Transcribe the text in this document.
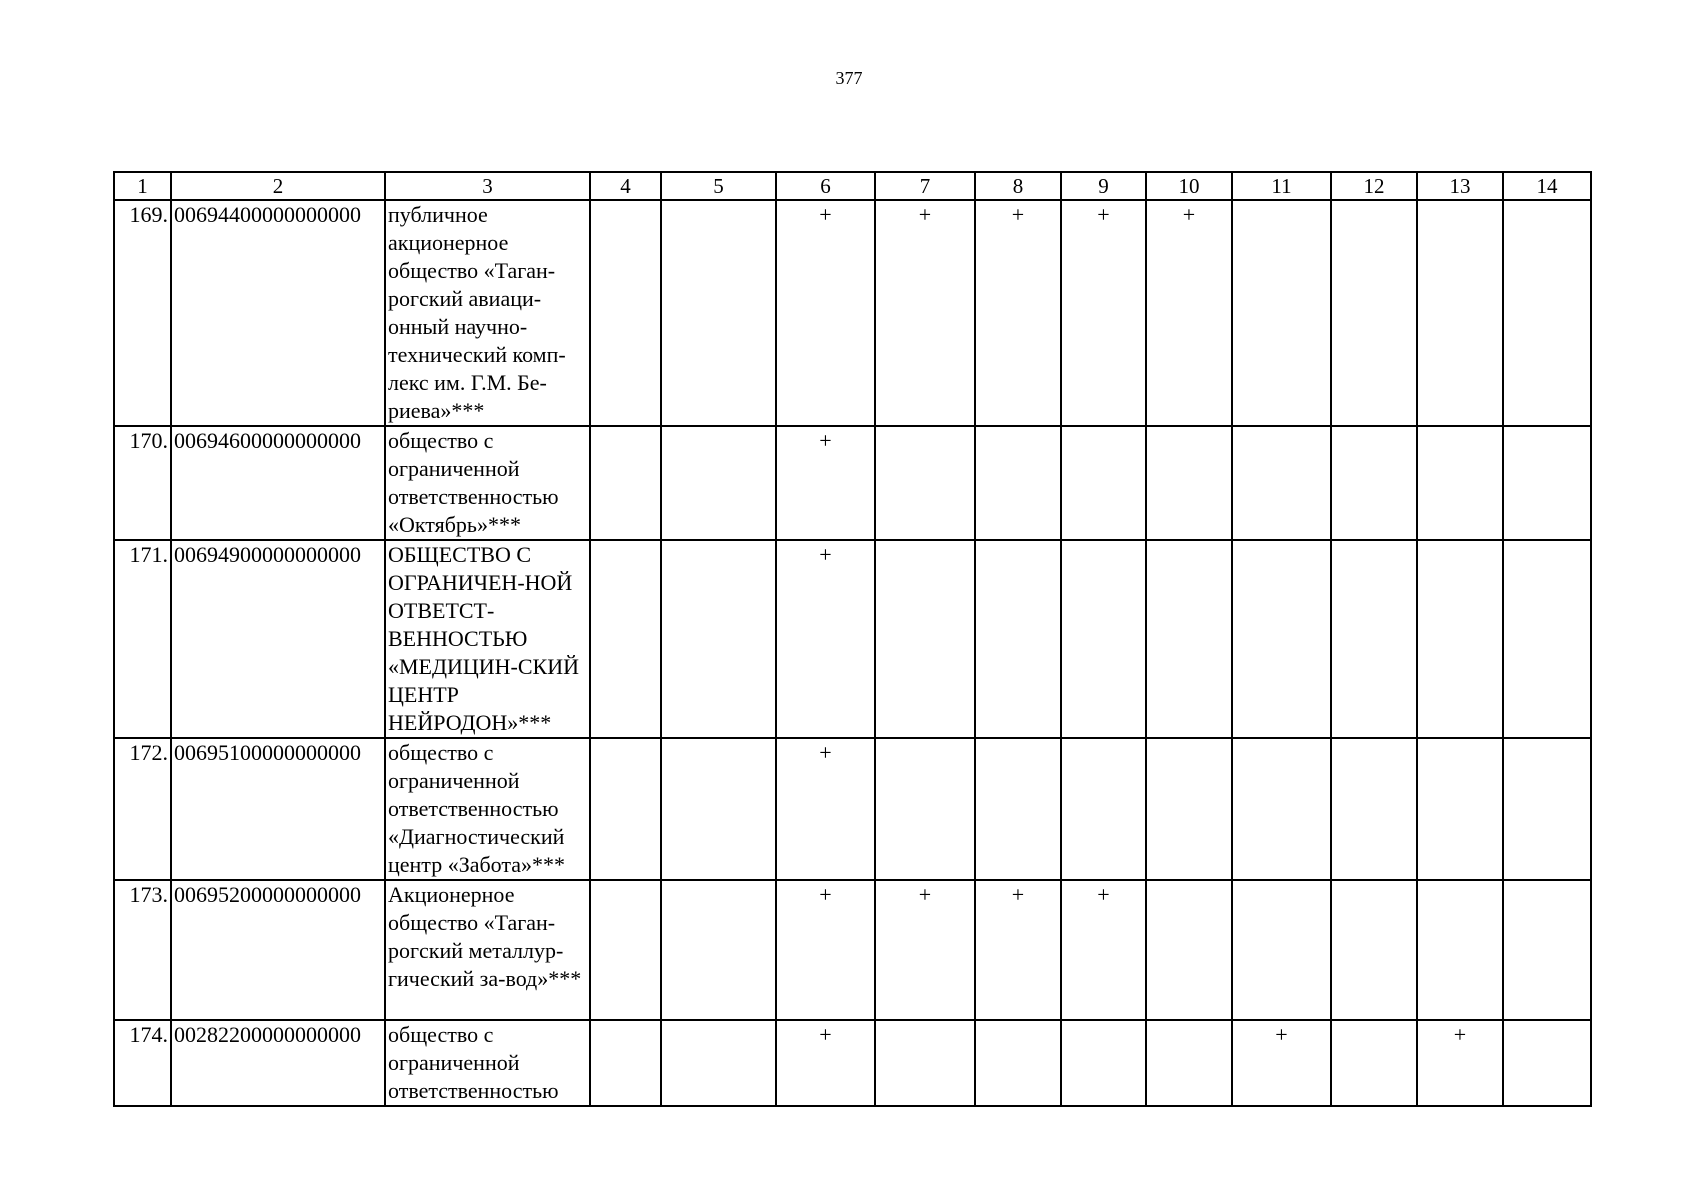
377
1	2	3	4	5	6	7	8	9	10	11	12	13	14
169.	00694400000000000	публичное акционерное общество «Таган-рогский авиаци-онный научно-технический комп-лекс им. Г.М. Бе-риева»***			+	+	+	+	+				
170.	00694600000000000	общество с ограниченной ответственностью «Октябрь»***			+								
171.	00694900000000000	ОБЩЕСТВО С ОГРАНИЧЕН-НОЙ ОТВЕТСТ-ВЕННОСТЬЮ «МЕДИЦИН-СКИЙ ЦЕНТР НЕЙРОДОН»***			+								
172.	00695100000000000	общество с ограниченной ответственностью «Диагностический центр «Забота»***			+								
173.	00695200000000000	Акционерное общество «Таган-рогский металлур-гический за-вод»***			+	+	+	+					
174.	00282200000000000	общество с ограниченной ответственностью			+					+		+	
